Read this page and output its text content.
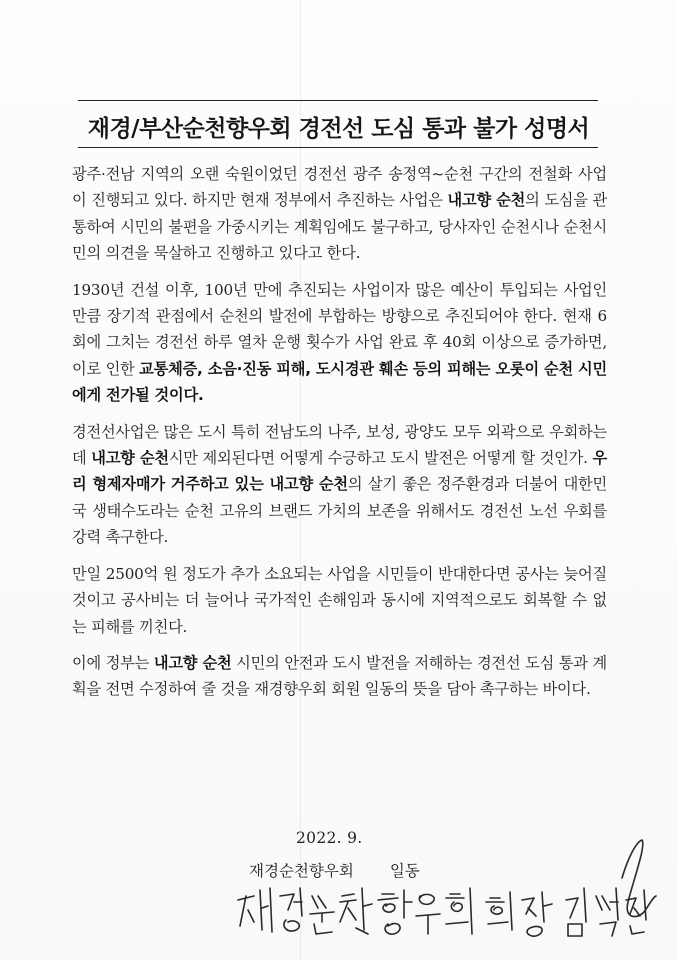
재경/부산순천향우회 경전선 도심 통과 불가 성명서

광주·전남 지역의 오랜 숙원이었던 경전선 광주 송정역~순천 구간의 전철화 사업이 진행되고 있다. 하지만 현재 정부에서 추진하는 사업은 내고향 순천의 도심을 관통하여 시민의 불편을 가중시키는 계획임에도 불구하고, 당사자인 순천시나 순천시민의 의견을 묵살하고 진행하고 있다고 한다.

1930년 건설 이후, 100년 만에 추진되는 사업이자 많은 예산이 투입되는 사업인 만큼 장기적 관점에서 순천의 발전에 부합하는 방향으로 추진되어야 한다. 현재 6회에 그치는 경전선 하루 열차 운행 횟수가 사업 완료 후 40회 이상으로 증가하면, 이로 인한 교통체증, 소음·진동 피해, 도시경관 훼손 등의 피해는 오롯이 순천 시민에게 전가될 것이다.

경전선사업은 많은 도시 특히 전남도의 나주, 보성, 광양도 모두 외곽으로 우회하는데 내고향 순천시만 제외된다면 어떻게 수긍하고 도시 발전은 어떻게 할 것인가. 우리 형제자매가 거주하고 있는 내고향 순천의 살기 좋은 정주환경과 더불어 대한민국 생태수도라는 순천 고유의 브랜드 가치의 보존을 위해서도 경전선 노선 우회를 강력 촉구한다.

만일 2500억 원 정도가 추가 소요되는 사업을 시민들이 반대한다면 공사는 늦어질 것이고 공사비는 더 늘어나 국가적인 손해임과 동시에 지역적으로도 회복할 수 없는 피해를 끼친다.

이에 정부는 내고향 순천 시민의 안전과 도시 발전을 저해하는 경전선 도심 통과 계획을 전면 수정하여 줄 것을 재경향우회 회원 일동의 뜻을 담아 촉구하는 바이다.

2022. 9.
재경순천향우회 일동
